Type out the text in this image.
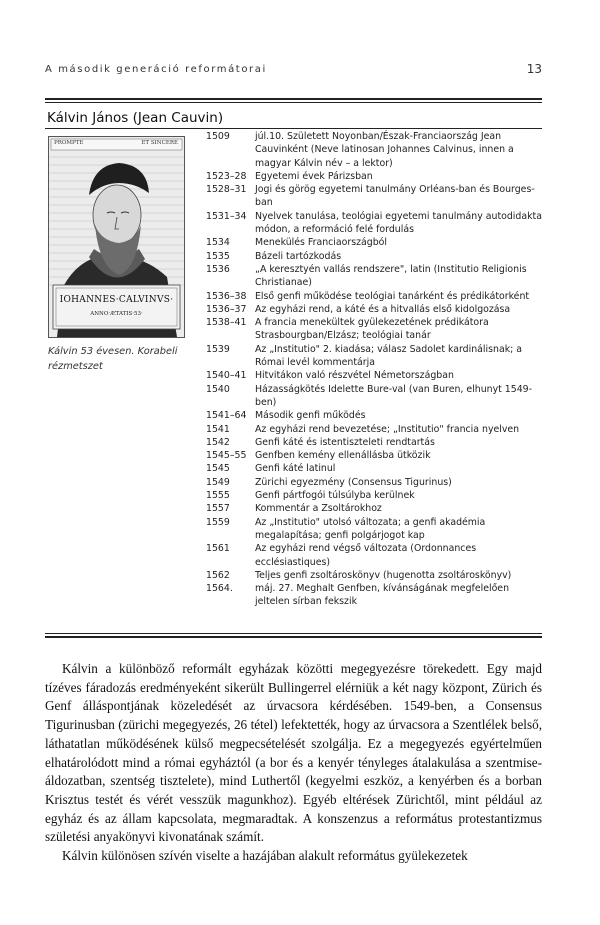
A második generáció reformátorai	13
Kálvin János (Jean Cauvin)
PROMPTE	ET SINCERE
IOHANNES·CALVINVS·
ANNO·ÆTATIS·53·
Kálvin 53 évesen. Korabeli rézmetszet
1509	júl.10. Született Noyonban/Észak-Franciaország Jean Cauvinként (Neve latinosan Johannes Calvinus, innen a magyar Kálvin név – a lektor)
1523–28 Egyetemi évek Párizsban
1528–31 Jogi és görög egyetemi tanulmány Orléans-ban és Bourges-ban
1531–34 Nyelvek tanulása, teológiai egyetemi tanulmány autodidakta módon, a reformáció felé fordulás
1534	Menekülés Franciaországból
1535	Bázeli tartózkodás
1536	„A keresztyén vallás rendszere", latin (Institutio Religionis Christianae)
1536–38 Első genfi működése teológiai tanárként és prédikátorként
1536–37 Az egyházi rend, a káté és a hitvallás első kidolgozása
1538–41 A francia menekültek gyülekezetének prédikátora Strasbourgban/Elzász; teológiai tanár
1539	Az „Institutio" 2. kiadása; válasz Sadolet kardinálisnak; a Római levél kommentárja
1540–41 Hitvitákon való részvétel Németországban
1540	Házasságkötés Idelette Bure-val (van Buren, elhunyt 1549-ben)
1541–64 Második genfi működés
1541	Az egyházi rend bevezetése; „Institutio" francia nyelven
1542	Genfi káté és istentiszteleti rendtartás
1545–55 Genfben kemény ellenállásba ütközik
1545	Genfi káté latinul
1549	Zürichi egyezmény (Consensus Tigurinus)
1555	Genfi pártfogói túlsúlyba kerülnek
1557	Kommentár a Zsoltárokhoz
1559	Az „Institutio" utolsó változata; a genfi akadémia megalapítása; genfi polgárjogot kap
1561	Az egyházi rend végső változata (Ordonnances ecclésiastiques)
1562	Teljes genfi zsoltároskönyv (hugenotta zsoltároskönyv)
1564.	máj. 27. Meghalt Genfben, kívánságának megfelelően jeltelen sírban fekszik

Kálvin a különböző reformált egyházak közötti megegyezésre törekedett. Egy majd tízéves fáradozás eredményeként sikerült Bullingerrel elérniük a két nagy központ, Zürich és Genf álláspontjának közeledését az úrvacsora kérdésében. 1549-ben, a Consensus Tigurinusban (zürichi megegyezés, 26 tétel) lefektették, hogy az úrvacsora a Szentlélek belső, láthatatlan működésének külső megpecsételését szolgálja. Ez a megegyezés egyértelműen elhatárolódott mind a római egyháztól (a bor és a kenyér tényleges átalakulása a szentmise-áldozatban, szentség tisztelete), mind Luthertől (kegyelmi eszköz, a kenyérben és a borban Krisztus testét és vérét vesszük magunkhoz). Egyéb eltérések Zürichtől, mint például az egyház és az állam kapcsolata, megmaradtak. A konszenzus a református protestantizmus születési anyakönyvi kivonatának számít.

Kálvin különösen szívén viselte a hazájában alakult református gyülekezetek
